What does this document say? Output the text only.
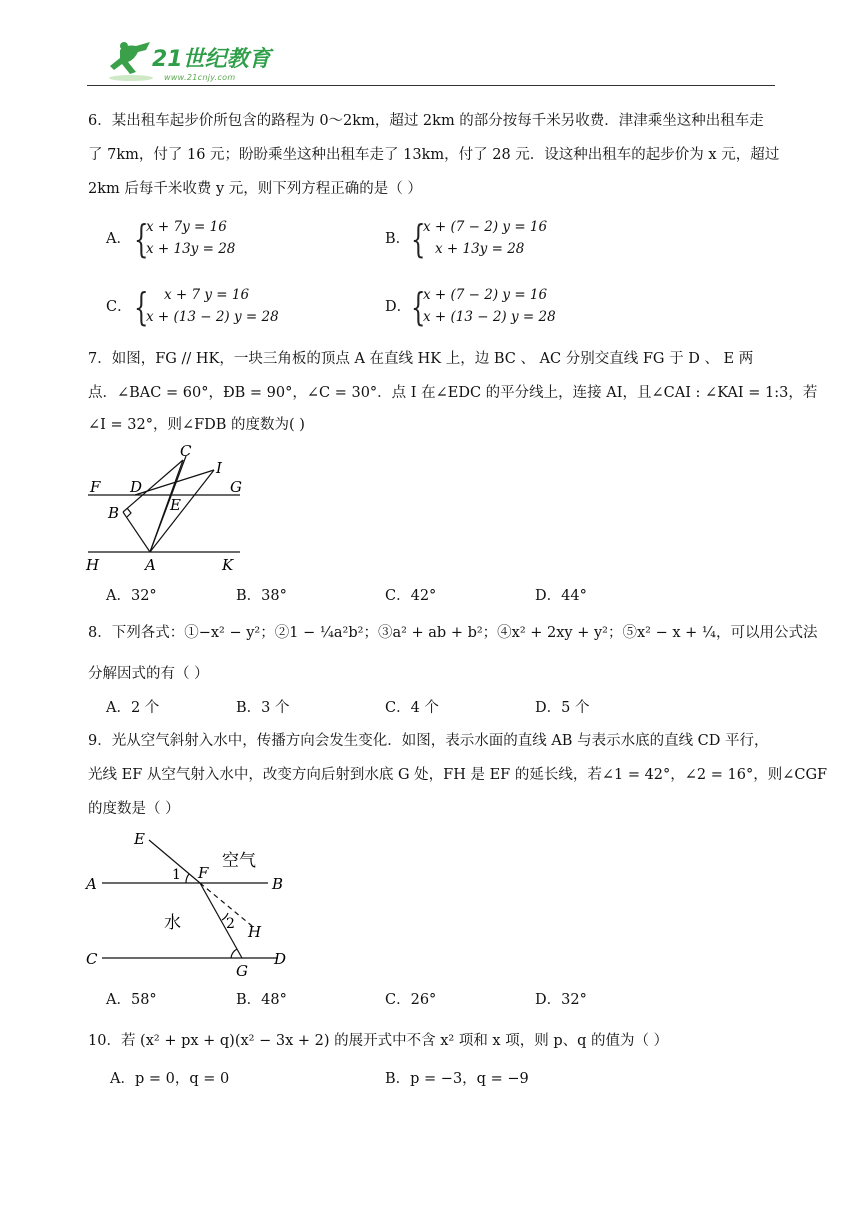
21世纪教育
www.21cnjy.com
6．某出租车起步价所包含的路程为 0～2km，超过 2km 的部分按每千米另收费．津津乘坐这种出租车走
了 7km，付了 16 元；盼盼乘坐这种出租车走了 13km，付了 28 元．设这种出租车的起步价为 x 元，超过
2km 后每千米收费 y 元，则下列方程正确的是（ ）
A． {
x + 7y = 16
x + 13y = 28
B． {
x + (7 − 2) y = 16
x + 13y = 28
C． { x + 7 y = 16
x + (13 − 2) y = 28
D． {
x + (7 − 2) y = 16
x + (13 − 2) y = 28
7．如图，FG // HK，一块三角板的顶点 A 在直线 HK 上，边 BC 、 AC 分别交直线 FG 于 D 、 E 两
点．∠BAC = 60°，ÐB = 90°，∠C = 30°．点 I 在∠EDC 的平分线上，连接 AI，且∠CAI : ∠KAI = 1:3，若
∠I = 32°，则∠FDB 的度数为( )
C
I
F D	G
B	E
H	A	K
A．32°	B．38°	C．42°	D．44°
8．下列各式：①−x² − y²；②1 − ¼a²b²；③a² + ab + b²；④x² + 2xy + y²；⑤x² − x + ¼，可以用公式法
分解因式的有（ ）
A．2 个	B．3 个	C．4 个	D．5 个
9．光从空气斜射入水中，传播方向会发生变化．如图，表示水面的直线 AB 与表示水底的直线 CD 平行，
光线 EF 从空气射入水中，改变方向后射到水底 G 处，FH 是 EF 的延长线，若∠1 = 42°，∠2 = 16°，则∠CGF
的度数是（ ）
E
空气
A	1 F
B
水	2 H
C
G
D
A．58°	B．48°	C．26°	D．32°
10．若 (x² + px + q)(x² − 3x + 2) 的展开式中不含 x² 项和 x 项，则 p、q 的值为（ ）
A．p = 0，q = 0	B．p = −3，q = −9
